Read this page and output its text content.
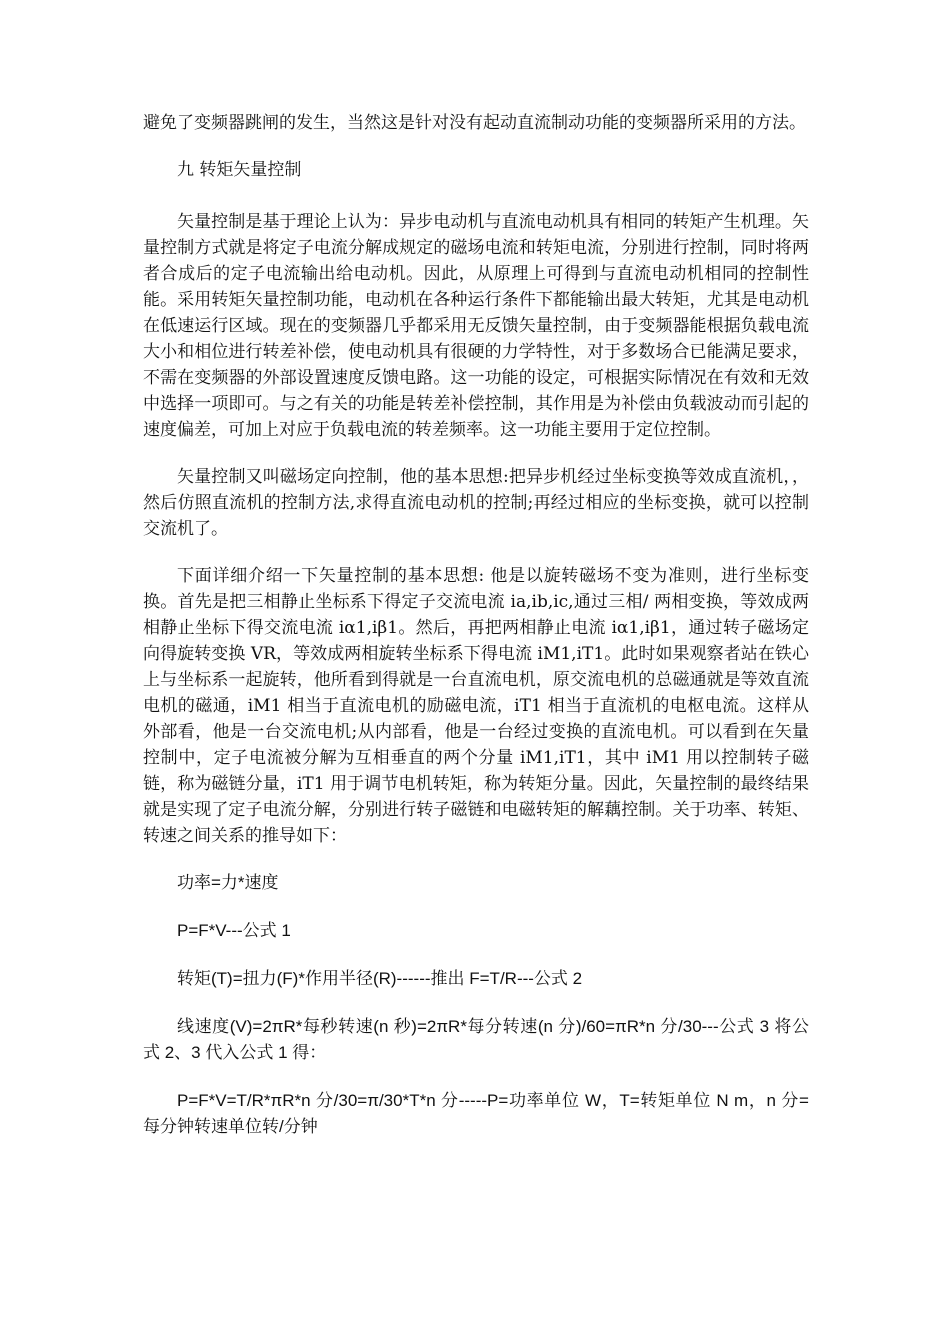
避免了变频器跳闸的发生，当然这是针对没有起动直流制动功能的变频器所采用的方法。

九 转矩矢量控制

矢量控制是基于理论上认为：异步电动机与直流电动机具有相同的转矩产生机理。矢量控制方式就是将定子电流分解成规定的磁场电流和转矩电流，分别进行控制，同时将两者合成后的定子电流输出给电动机。因此，从原理上可得到与直流电动机相同的控制性能。采用转矩矢量控制功能，电动机在各种运行条件下都能输出最大转矩，尤其是电动机在低速运行区域。现在的变频器几乎都采用无反馈矢量控制，由于变频器能根据负载电流大小和相位进行转差补偿，使电动机具有很硬的力学特性，对于多数场合已能满足要求，不需在变频器的外部设置速度反馈电路。这一功能的设定，可根据实际情况在有效和无效中选择一项即可。与之有关的功能是转差补偿控制，其作用是为补偿由负载波动而引起的速度偏差，可加上对应于负载电流的转差频率。这一功能主要用于定位控制。

矢量控制又叫磁场定向控制，他的基本思想:把异步机经过坐标变换等效成直流机，，然后仿照直流机的控制方法,求得直流电动机的控制;再经过相应的坐标变换，就可以控制交流机了。

下面详细介绍一下矢量控制的基本思想: 他是以旋转磁场不变为准则，进行坐标变换。首先是把三相静止坐标系下得定子交流电流 ia,ib,ic,通过三相/ 两相变换，等效成两相静止坐标下得交流电流 iα1,iβ1。然后，再把两相静止电流 iα1,iβ1，通过转子磁场定向得旋转变换 VR，等效成两相旋转坐标系下得电流 iM1,iT1。此时如果观察者站在铁心上与坐标系一起旋转，他所看到得就是一台直流电机，原交流电机的总磁通就是等效直流电机的磁通，iM1 相当于直流电机的励磁电流，iT1 相当于直流机的电枢电流。这样从外部看，他是一台交流电机;从内部看，他是一台经过变换的直流电机。可以看到在矢量控制中，定子电流被分解为互相垂直的两个分量 iM1,iT1，其中 iM1 用以控制转子磁链，称为磁链分量，iT1 用于调节电机转矩，称为转矩分量。因此，矢量控制的最终结果就是实现了定子电流分解，分别进行转子磁链和电磁转矩的解藕控制。关于功率、转矩、转速之间关系的推导如下：

功率=力*速度

P=F*V---公式 1

转矩(T)=扭力(F)*作用半径(R)------推出 F=T/R---公式 2

线速度(V)=2πR*每秒转速(n 秒)=2πR*每分转速(n 分)/60=πR*n 分/30---公式 3 将公式 2、3 代入公式 1 得：

P=F*V=T/R*πR*n 分/30=π/30*T*n 分-----P=功率单位 W，T=转矩单位 N m，n 分=每分钟转速单位转/分钟
